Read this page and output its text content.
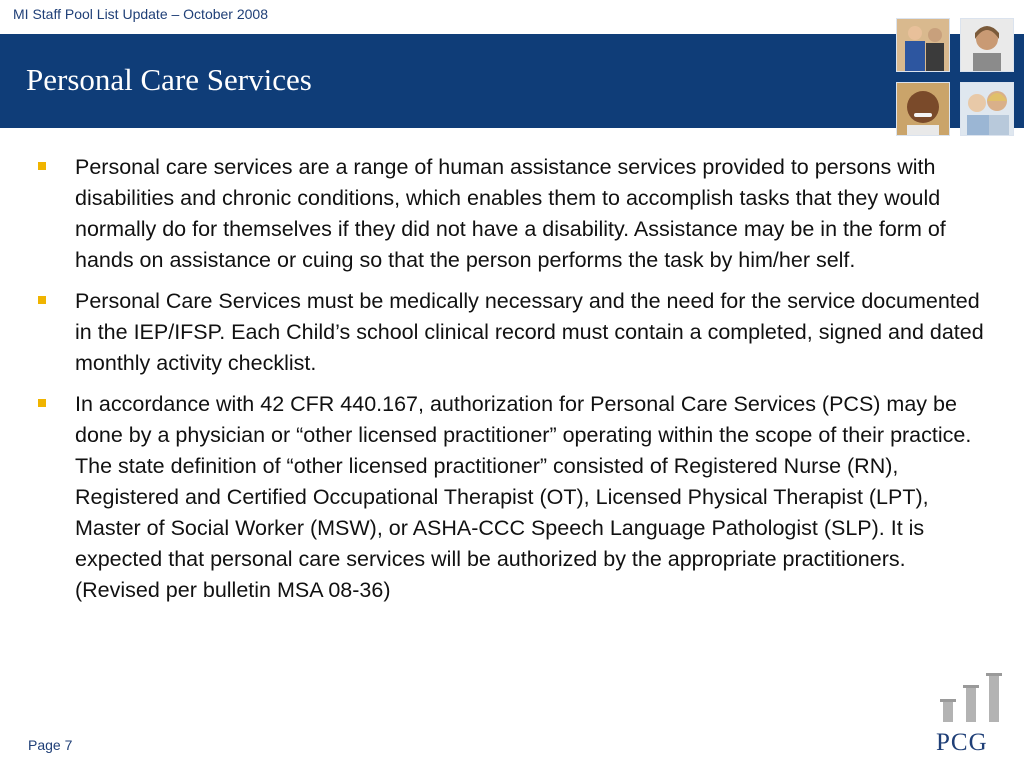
MI Staff Pool List Update – October 2008
Personal Care Services
Personal care services are a range of human assistance services provided to persons with disabilities and chronic conditions, which enables them to accomplish tasks that they would normally do for themselves if they did not have a disability. Assistance may be in the form of hands on assistance or cuing so that the person performs the task by him/her self.
Personal Care Services must be medically necessary and the need for the service documented in the IEP/IFSP. Each Child’s school clinical record must contain a completed, signed and dated monthly activity checklist.
In accordance with 42 CFR 440.167, authorization for Personal Care Services (PCS) may be done by a physician or “other licensed practitioner” operating within the scope of their practice. The state definition of “other licensed practitioner” consisted of Registered Nurse (RN), Registered and Certified Occupational Therapist (OT), Licensed Physical Therapist (LPT), Master of Social Worker (MSW), or ASHA-CCC Speech Language Pathologist (SLP). It is expected that personal care services will be authorized by the appropriate practitioners. (Revised per bulletin MSA 08-36)
Page 7	PCG
